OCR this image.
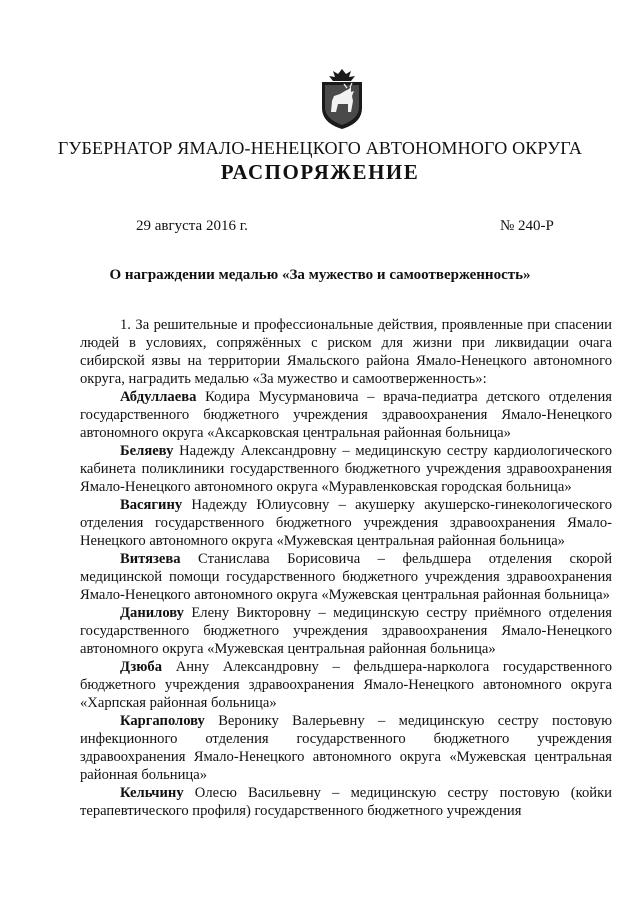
ГУБЕРНАТОР ЯМАЛО-НЕНЕЦКОГО АВТОНОМНОГО ОКРУГА
РАСПОРЯЖЕНИЕ
29 августа 2016 г.	№ 240-Р
О награждении медалью «За мужество и самоотверженность»

1. За решительные и профессиональные действия, проявленные при спасении людей в условиях, сопряжённых с риском для жизни при ликвидации очага сибирской язвы на территории Ямальского района Ямало-Ненецкого автономного округа, наградить медалью «За мужество и самоотверженность»:

Абдуллаева Кодира Мусурмановича – врача-педиатра детского отделения государственного бюджетного учреждения здравоохранения Ямало-Ненецкого автономного округа «Аксарковская центральная районная больница»

Беляеву Надежду Александровну – медицинскую сестру кардиологического кабинета поликлиники государственного бюджетного учреждения здравоохранения Ямало-Ненецкого автономного округа «Муравленковская городская больница»

Васягину Надежду Юлиусовну – акушерку акушерско-гинекологического отделения государственного бюджетного учреждения здравоохранения Ямало-Ненецкого автономного округа «Мужевская центральная районная больница»

Витязева Станислава Борисовича – фельдшера отделения скорой медицинской помощи государственного бюджетного учреждения здравоохранения Ямало-Ненецкого автономного округа «Мужевская центральная районная больница»

Данилову Елену Викторовну – медицинскую сестру приёмного отделения государственного бюджетного учреждения здравоохранения Ямало-Ненецкого автономного округа «Мужевская центральная районная больница»

Дзюба Анну Александровну – фельдшера-нарколога государственного бюджетного учреждения здравоохранения Ямало-Ненецкого автономного округа «Харпская районная больница»

Каргаполову Веронику Валерьевну – медицинскую сестру постовую инфекционного отделения государственного бюджетного учреждения здравоохранения Ямало-Ненецкого автономного округа «Мужевская центральная районная больница»

Кельчину Олесю Васильевну – медицинскую сестру постовую (койки терапевтического профиля) государственного бюджетного учреждения
